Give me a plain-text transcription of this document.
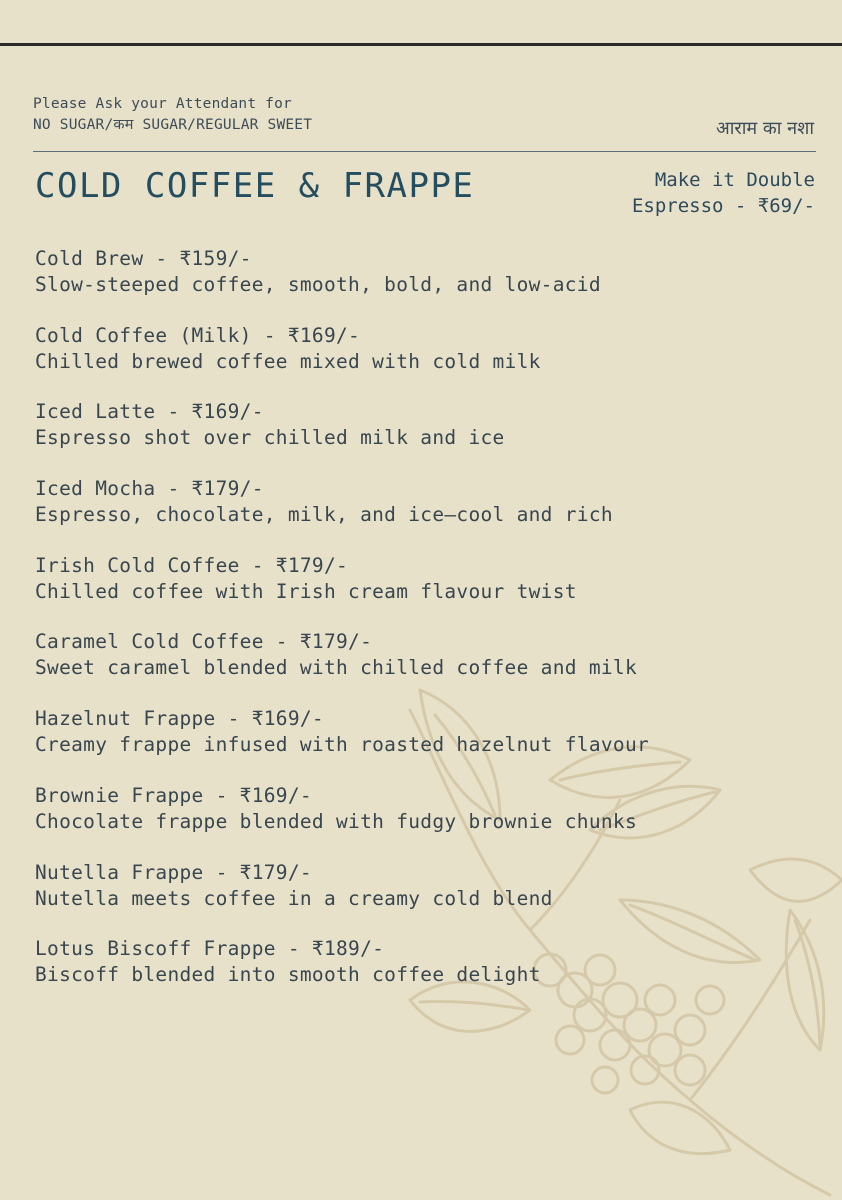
Please Ask your Attendant for
NO SUGAR/कम SUGAR/REGULAR SWEET	आराम का नशा
COLD COFFEE & FRAPPE	Make it Double
Espresso - ₹69/-
Cold Brew - ₹159/-
Slow-steeped coffee, smooth, bold, and low-acid
Cold Coffee (Milk) - ₹169/-
Chilled brewed coffee mixed with cold milk
Iced Latte - ₹169/-
Espresso shot over chilled milk and ice
Iced Mocha - ₹179/-
Espresso, chocolate, milk, and ice—cool and rich
Irish Cold Coffee - ₹179/-
Chilled coffee with Irish cream flavour twist
Caramel Cold Coffee - ₹179/-
Sweet caramel blended with chilled coffee and milk
Hazelnut Frappe - ₹169/-
Creamy frappe infused with roasted hazelnut flavour
Brownie Frappe - ₹169/-
Chocolate frappe blended with fudgy brownie chunks
Nutella Frappe - ₹179/-
Nutella meets coffee in a creamy cold blend
Lotus Biscoff Frappe - ₹189/-
Biscoff blended into smooth coffee delight
